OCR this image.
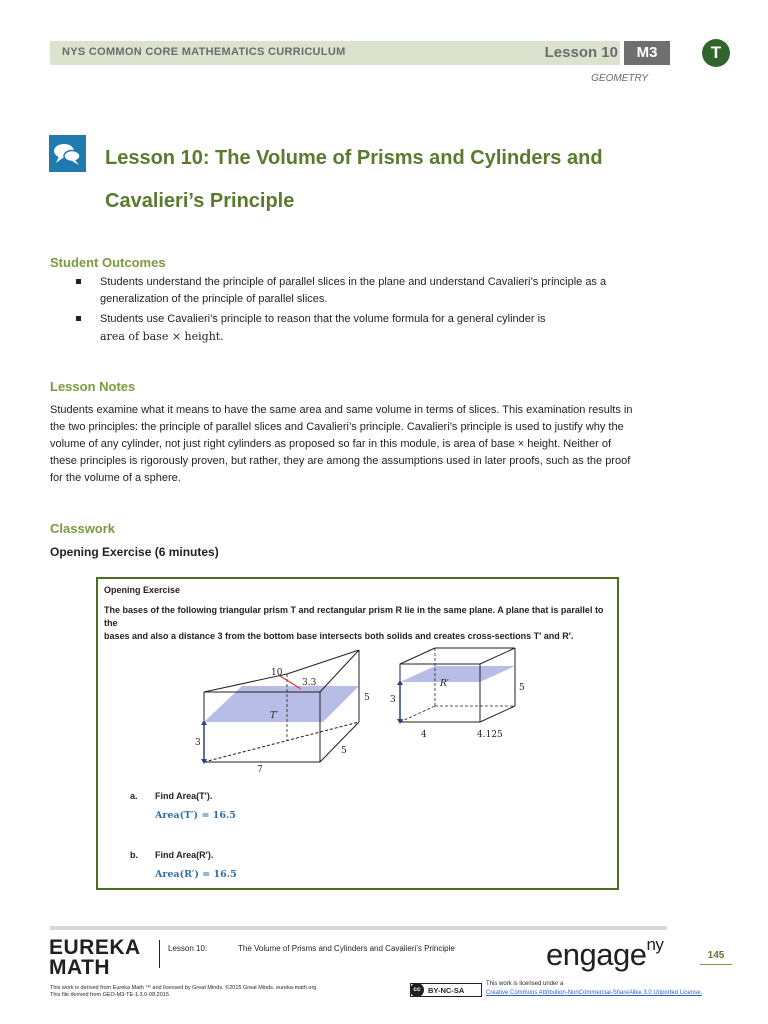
NYS COMMON CORE MATHEMATICS CURRICULUM	Lesson 10	M3
GEOMETRY
T
Lesson 10: The Volume of Prisms and Cylinders and
Cavalieri’s Principle
Student Outcomes
Students understand the principle of parallel slices in the plane and understand Cavalieri’s principle as a
generalization of the principle of parallel slices.
Students use Cavalieri’s principle to reason that the volume formula for a general cylinder is
area of base × height.
Lesson Notes
Students examine what it means to have the same area and same volume in terms of slices. This examination results in
the two principles: the principle of parallel slices and Cavalieri’s principle. Cavalieri’s principle is used to justify why the
volume of any cylinder, not just right cylinders as proposed so far in this module, is area of base × height. Neither of
these principles is rigorously proven, but rather, they are among the assumptions used in later proofs, such as the proof
for the volume of a sphere.
Classwork
Opening Exercise (6 minutes)
Opening Exercise
The bases of the following triangular prism T and rectangular prism R lie in the same plane. A plane that is parallel to the
bases and also a distance 3 from the bottom base intersects both solids and creates cross-sections T′ and R′.
10
3.3
5
3
5
7
T′
3
5
R′
4	4.125
a. Find Area(T′).
Area(T′) = 16.5
b. Find Area(R′).
Area(R′) = 16.5
EUREKA
MATH
Lesson 10:	The Volume of Prisms and Cylinders and Cavalieri’s Principle	engage$^{ny}$
145
This work is derived from Eureka Math ™ and licensed by Great Minds. ©2015 Great Minds. eureka-math.org
This file derived from GEO-M3-TE-1.3.0-08.2015
cc BY-NC-SA
This work is licensed under a
Creative Commons Attribution-NonCommercial-ShareAlike 3.0 Unported License.
